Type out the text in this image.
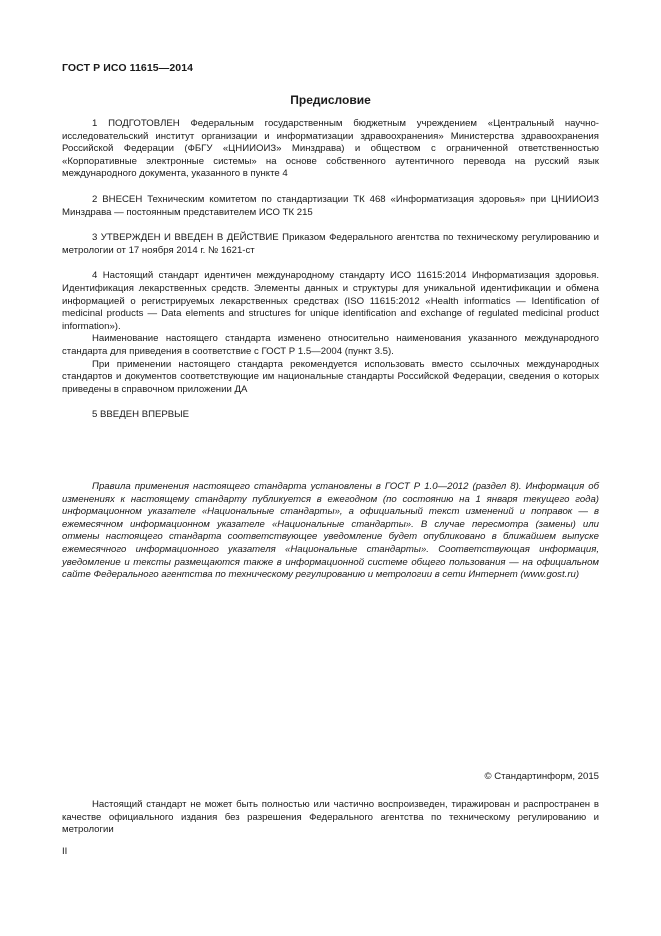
ГОСТ Р ИСО 11615—2014
Предисловие

1 ПОДГОТОВЛЕН Федеральным государственным бюджетным учреждением «Центральный научно-исследовательский институт организации и информатизации здравоохранения» Министерства здравоохранения Российской Федерации (ФБГУ «ЦНИИОИЗ» Минздрава) и обществом с ограниченной ответственностью «Корпоративные электронные системы» на основе собственного аутентичного перевода на русский язык международного документа, указанного в пункте 4

2 ВНЕСЕН Техническим комитетом по стандартизации ТК 468 «Информатизация здоровья» при ЦНИИОИЗ Минздрава — постоянным представителем ИСО ТК 215

3 УТВЕРЖДЕН И ВВЕДЕН В ДЕЙСТВИЕ Приказом Федерального агентства по техническому регулированию и метрологии от 17 ноября 2014 г. № 1621-ст

4 Настоящий стандарт идентичен международному стандарту ИСО 11615:2014 Информатизация здоровья. Идентификация лекарственных средств. Элементы данных и структуры для уникальной идентификации и обмена информацией о регистрируемых лекарственных средствах (ISO 11615:2012 «Health informatics — Identification of medicinal products — Data elements and structures for unique identification and exchange of regulated medicinal product information»).

Наименование настоящего стандарта изменено относительно наименования указанного международного стандарта для приведения в соответствие с ГОСТ Р 1.5—2004 (пункт 3.5).

При применении настоящего стандарта рекомендуется использовать вместо ссылочных международных стандартов и документов соответствующие им национальные стандарты Российской Федерации, сведения о которых приведены в справочном приложении ДА

5 ВВЕДЕН ВПЕРВЫЕ

Правила применения настоящего стандарта установлены в ГОСТ Р 1.0—2012 (раздел 8). Информация об изменениях к настоящему стандарту публикуется в ежегодном (по состоянию на 1 января текущего года) информационном указателе «Национальные стандарты», а официальный текст изменений и поправок — в ежемесячном информационном указателе «Национальные стандарты». В случае пересмотра (замены) или отмены настоящего стандарта соответствующее уведомление будет опубликовано в ближайшем выпуске ежемесячного информационного указателя «Национальные стандарты». Соответствующая информация, уведомление и тексты размещаются также в информационной системе общего пользования — на официальном сайте Федерального агентства по техническому регулированию и метрологии в сети Интернет (www.gost.ru)

© Стандартинформ, 2015

Настоящий стандарт не может быть полностью или частично воспроизведен, тиражирован и распространен в качестве официального издания без разрешения Федерального агентства по техническому регулированию и метрологии

II
